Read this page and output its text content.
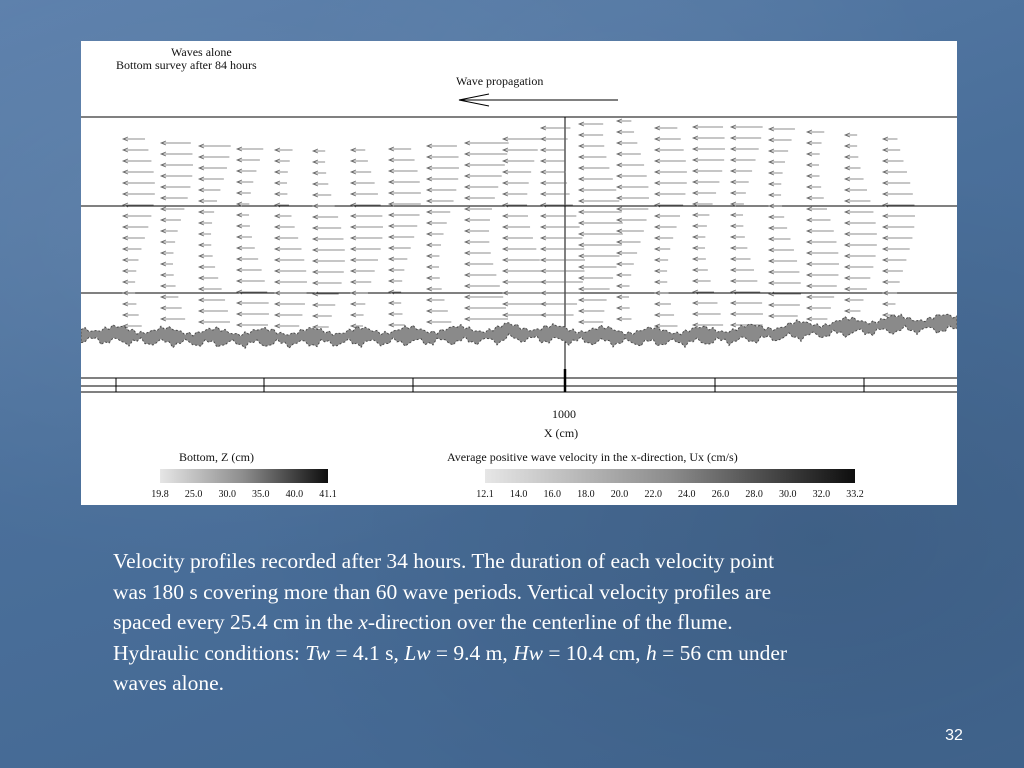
Waves alone
Bottom survey after 84 hours
Wave propagation
1000
X (cm)
Bottom, Z (cm)
19.8 25.0 30.0 35.0 40.0 41.1
Average positive wave velocity in the x-direction, Ux (cm/s)
12.1 14.0 16.0 18.0 20.0 22.0 24.0 26.0 28.0 30.0 32.0 33.2

Velocity profiles recorded after 34 hours. The duration of each velocity point

was 180 s covering more than 60 wave periods. Vertical velocity profiles are

spaced every 25.4 cm in the x-direction over the centerline of the flume.

Hydraulic conditions: Tw = 4.1 s, Lw = 9.4 m, Hw = 10.4 cm, h = 56 cm under

waves alone.

32
